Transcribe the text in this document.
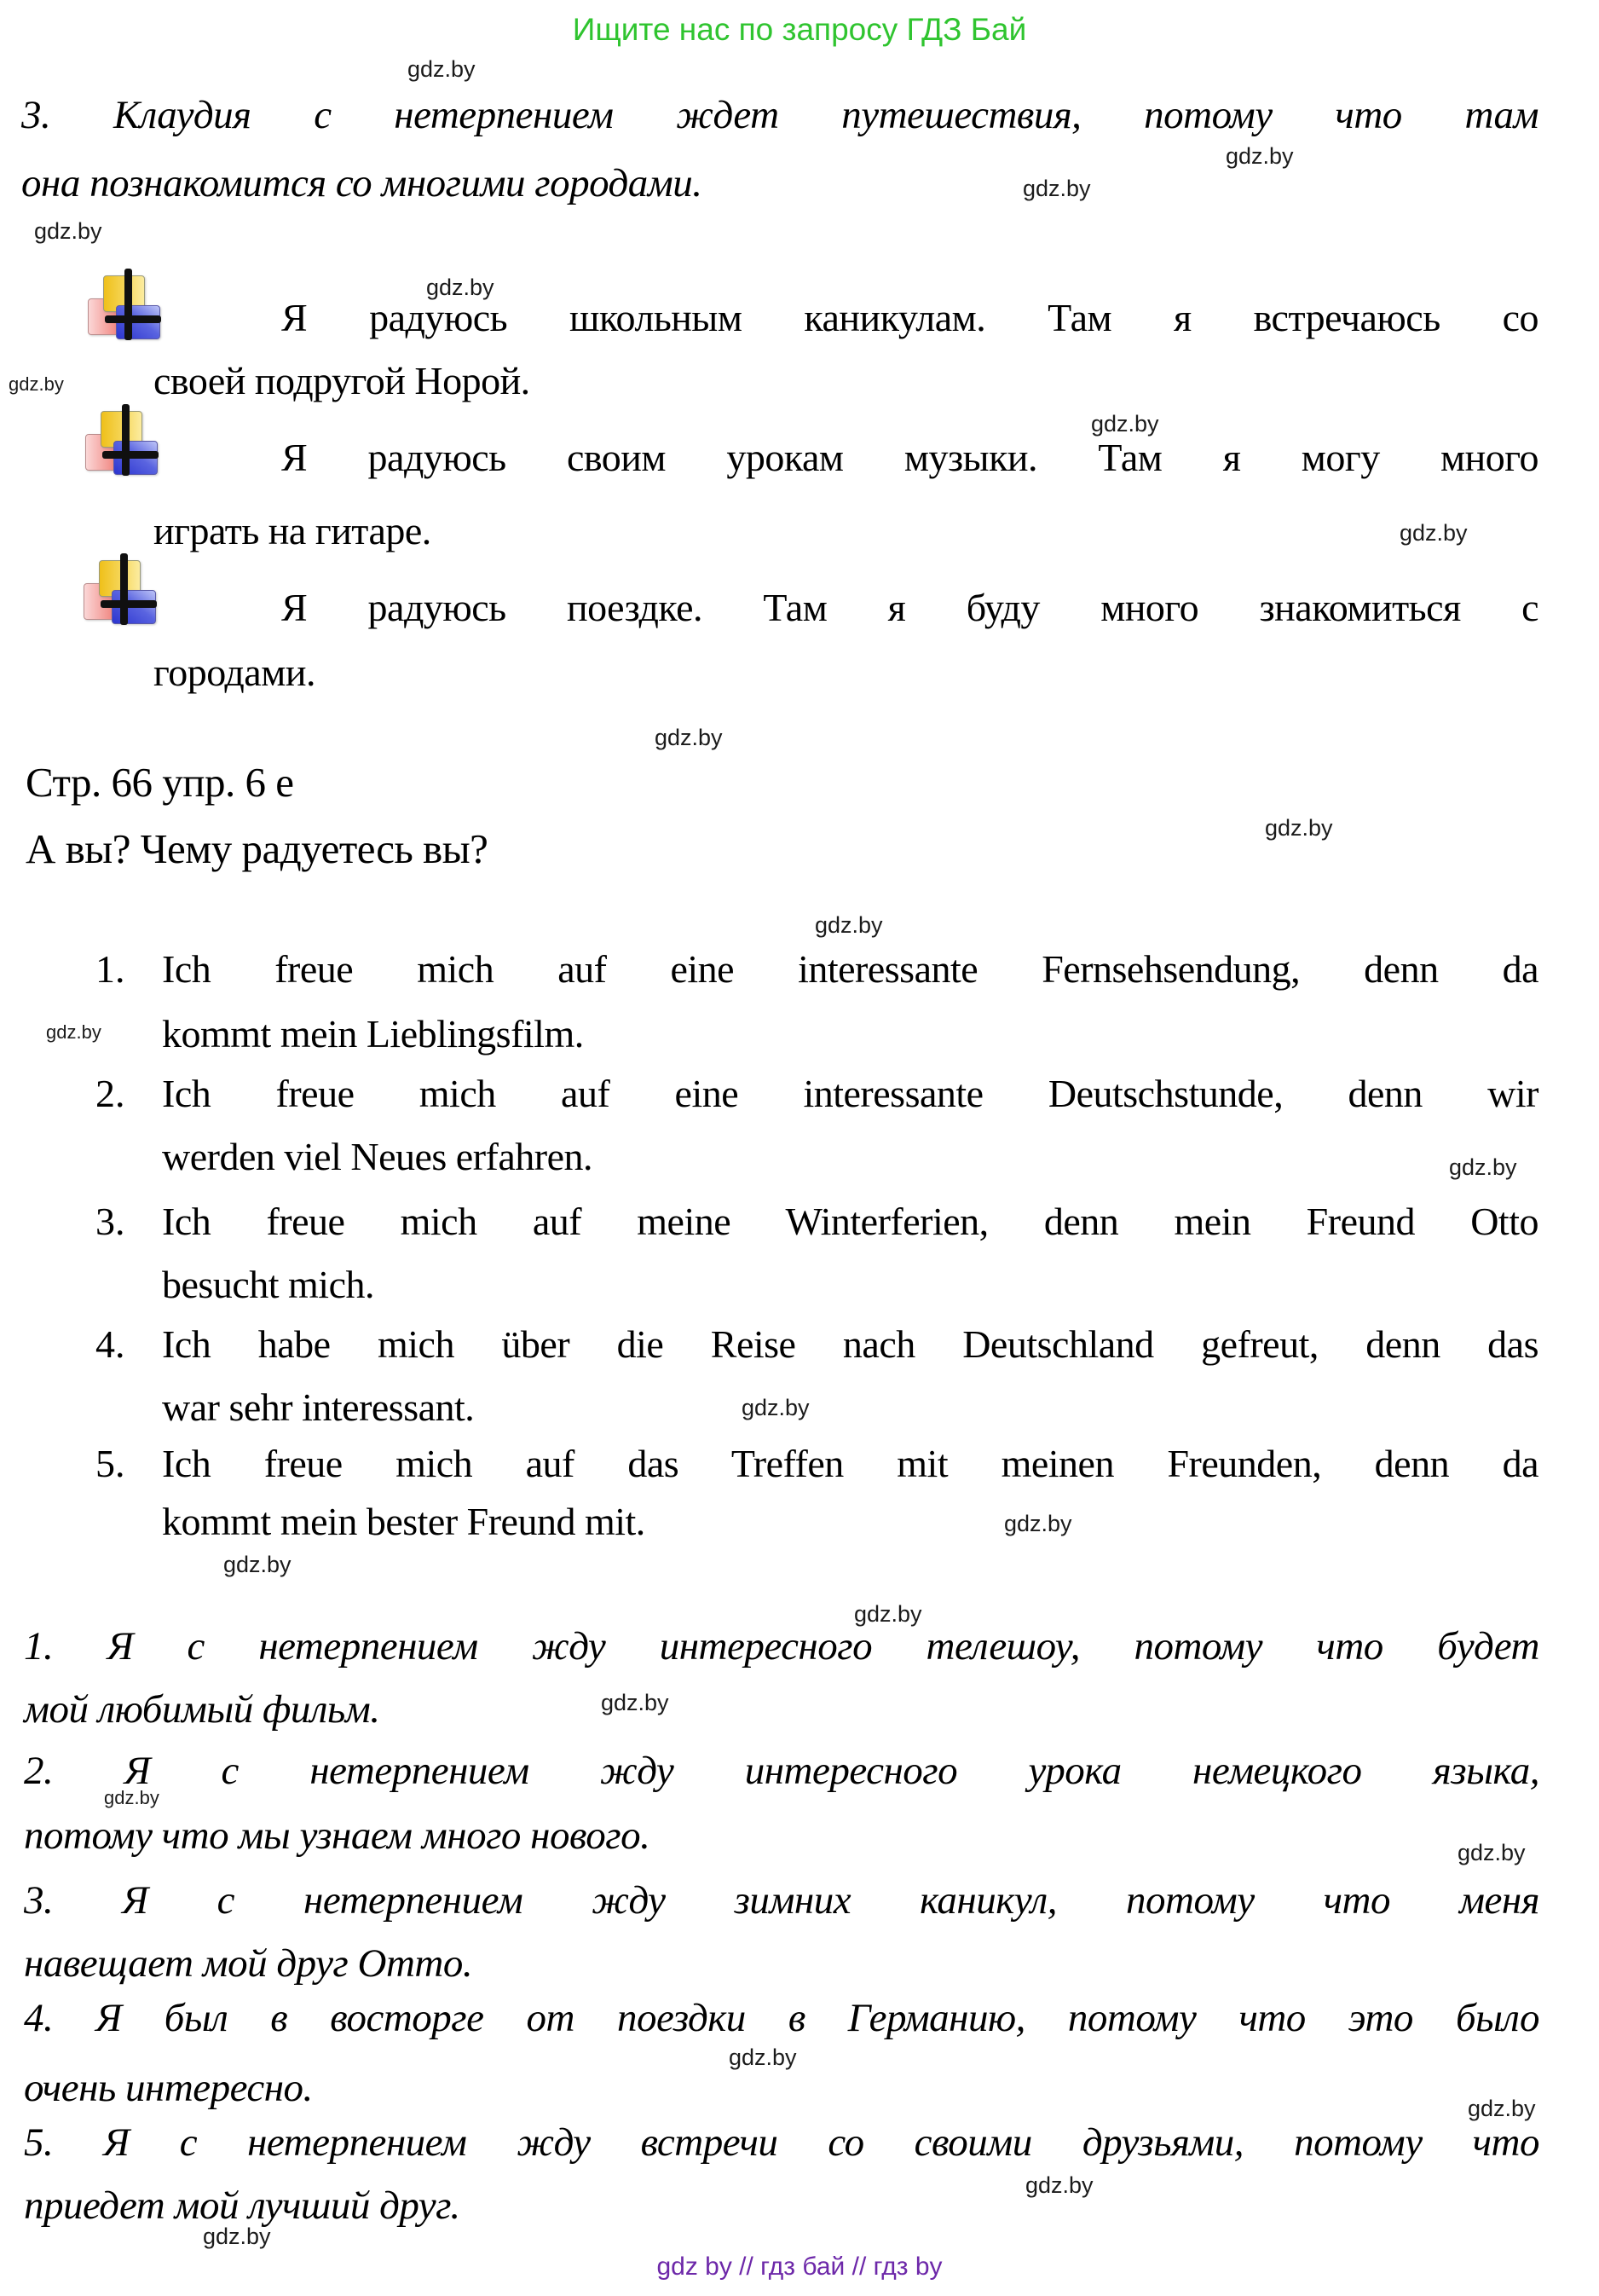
Ищите нас по запросу ГДЗ Бай
gdz.by
gdz.by
gdz.by
gdz.by
gdz.by
gdz.by
gdz.by
gdz.by
gdz.by
gdz.by
gdz.by
gdz.by
gdz.by
gdz.by
gdz.by
gdz.by
gdz.by
gdz.by
gdz.by
gdz.by
gdz.by
gdz.by
gdz.by
gdz.by
3. Клаудия с нетерпением ждет путешествия, потому что там
она познакомится со многими городами.
Я радуюсь школьным каникулам. Там я встречаюсь со
своей подругой Норой.
Я радуюсь своим урокам музыки. Там я могу много
играть на гитаре.
Я радуюсь поездке. Там я буду много знакомиться с
городами.
Стр. 66 упр. 6 е
А вы? Чему радуетесь вы?
1. Ich freue mich auf eine interessante Fernsehsendung, denn da
kommt mein Lieblingsfilm.
2. Ich freue mich auf eine interessante Deutschstunde, denn wir
werden viel Neues erfahren.
3. Ich freue mich auf meine Winterferien, denn mein Freund Otto
besucht mich.
4. Ich habe mich über die Reise nach Deutschland gefreut, denn das
war sehr interessant.
5. Ich freue mich auf das Treffen mit meinen Freunden, denn da
kommt mein bester Freund mit.
1. Я с нетерпением жду интересного телешоу, потому что будет
мой любимый фильм.
2. Я с нетерпением жду интересного урока немецкого языка,
потому что мы узнаем много нового.
3. Я с нетерпением жду зимних каникул, потому что меня
навещает мой друг Отто.
4. Я был в восторге от поездки в Германию, потому что это было
очень интересно.
5. Я с нетерпением жду встречи со своими друзьями, потому что
приедет мой лучший друг.
gdz by // гдз бай // гдз by
